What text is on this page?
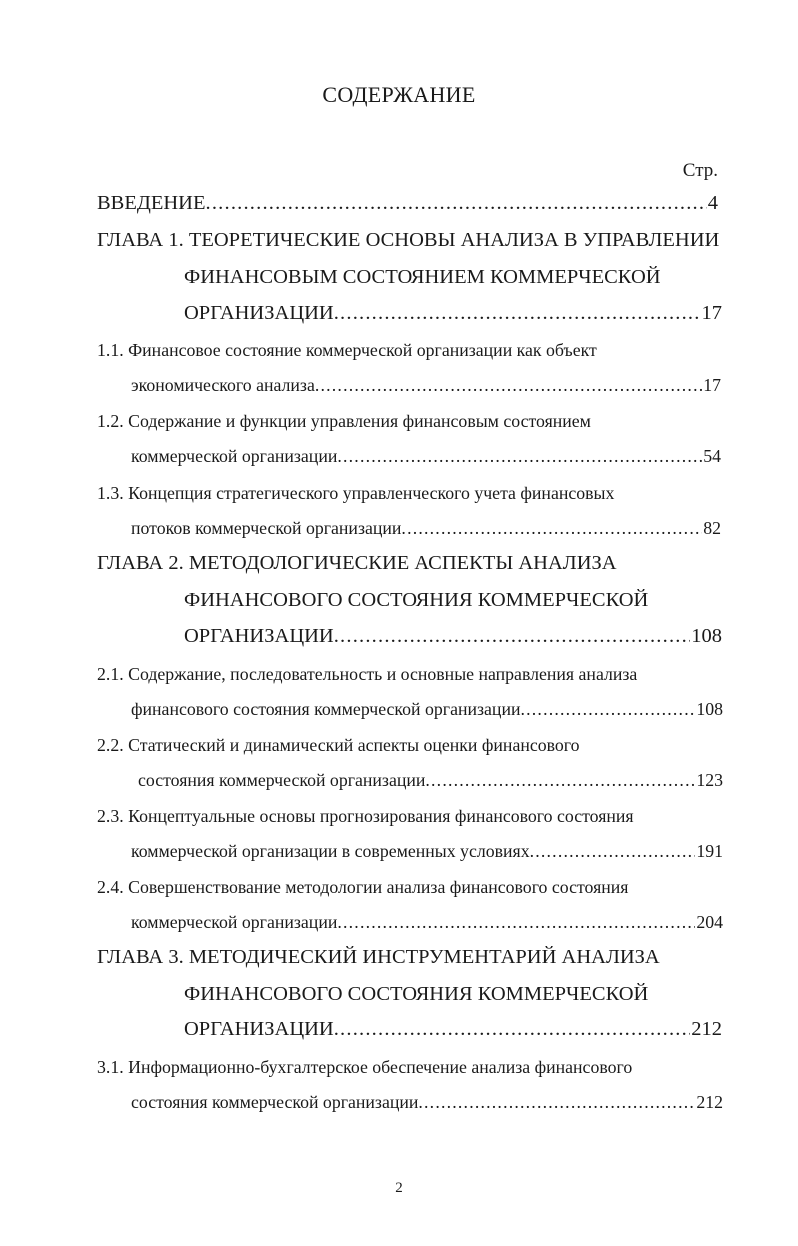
СОДЕРЖАНИЕ
Стр.
ВВЕДЕНИЕ .....	4
ГЛАВА 1. ТЕОРЕТИЧЕСКИЕ ОСНОВЫ АНАЛИЗА В УПРАВЛЕНИИ
ФИНАНСОВЫМ СОСТОЯНИЕМ КОММЕРЧЕСКОЙ
ОРГАНИЗАЦИИ .....	17
1.1. Финансовое состояние коммерческой организации как объект
экономического анализа .....	17
1.2. Содержание и функции управления финансовым состоянием
коммерческой организации .....	54
1.3. Концепция стратегического управленческого учета финансовых
потоков коммерческой организации .....	82
ГЛАВА 2. МЕТОДОЛОГИЧЕСКИЕ АСПЕКТЫ АНАЛИЗА
ФИНАНСОВОГО СОСТОЯНИЯ КОММЕРЧЕСКОЙ
ОРГАНИЗАЦИИ .....	108
2.1. Содержание, последовательность и основные направления анализа
финансового состояния коммерческой организации .....	108
2.2. Статический и динамический аспекты оценки финансового
состояния коммерческой организации .....	123
2.3. Концептуальные основы прогнозирования финансового состояния
коммерческой организации в современных условиях .....	191
2.4. Совершенствование методологии анализа финансового состояния
коммерческой организации .....	204
ГЛАВА 3. МЕТОДИЧЕСКИЙ ИНСТРУМЕНТАРИЙ АНАЛИЗА
ФИНАНСОВОГО СОСТОЯНИЯ КОММЕРЧЕСКОЙ
ОРГАНИЗАЦИИ .....	212
3.1. Информационно-бухгалтерское обеспечение анализа финансового
состояния коммерческой организации .....	212
2
